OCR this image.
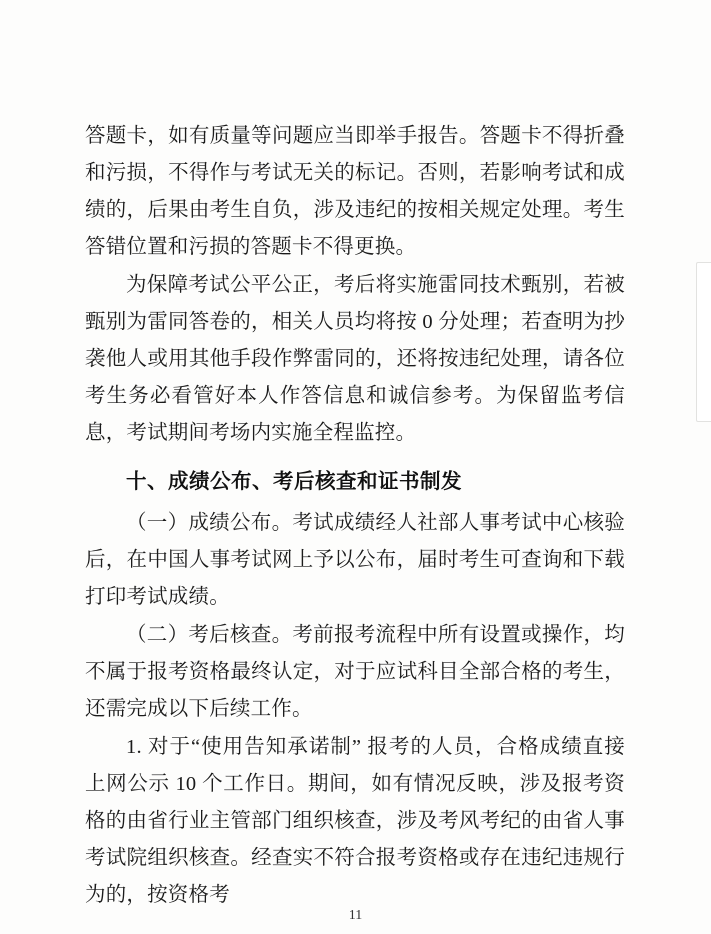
答题卡，如有质量等问题应当即举手报告。答题卡不得折叠和污损，不得作与考试无关的标记。否则，若影响考试和成绩的，后果由考生自负，涉及违纪的按相关规定处理。考生答错位置和污损的答题卡不得更换。

为保障考试公平公正，考后将实施雷同技术甄别，若被甄别为雷同答卷的，相关人员均将按 0 分处理；若查明为抄袭他人或用其他手段作弊雷同的，还将按违纪处理，请各位考生务必看管好本人作答信息和诚信参考。为保留监考信息，考试期间考场内实施全程监控。

十、成绩公布、考后核查和证书制发

（一）成绩公布。考试成绩经人社部人事考试中心核验后，在中国人事考试网上予以公布，届时考生可查询和下载打印考试成绩。

（二）考后核查。考前报考流程中所有设置或操作，均不属于报考资格最终认定，对于应试科目全部合格的考生，还需完成以下后续工作。

1. 对于“使用告知承诺制” 报考的人员，合格成绩直接上网公示 10 个工作日。期间，如有情况反映，涉及报考资格的由省行业主管部门组织核查，涉及考风考纪的由省人事考试院组织核查。经查实不符合报考资格或存在违纪违规行为的，按资格考

11
